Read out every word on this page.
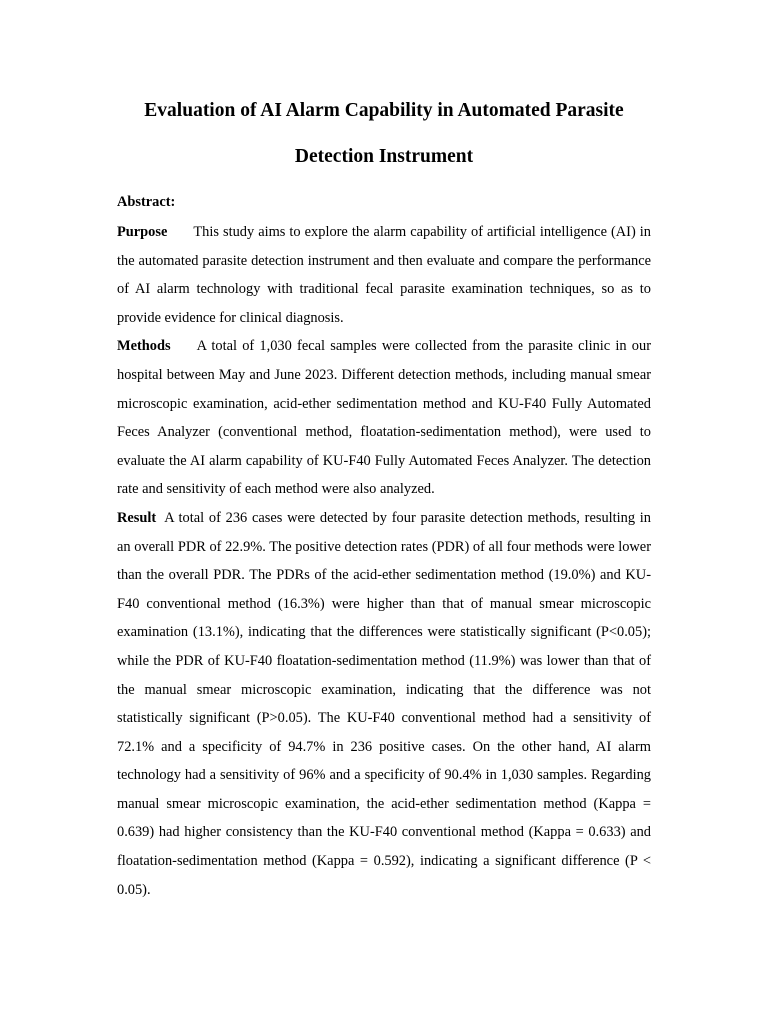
Evaluation of AI Alarm Capability in Automated Parasite
Detection Instrument

Abstract:

Purpose This study aims to explore the alarm capability of artificial intelligence (AI) in the automated parasite detection instrument and then evaluate and compare the performance of AI alarm technology with traditional fecal parasite examination techniques, so as to provide evidence for clinical diagnosis.

Methods A total of 1,030 fecal samples were collected from the parasite clinic in our hospital between May and June 2023. Different detection methods, including manual smear microscopic examination, acid-ether sedimentation method and KU-F40 Fully Automated Feces Analyzer (conventional method, floatation-sedimentation method), were used to evaluate the AI alarm capability of KU-F40 Fully Automated Feces Analyzer. The detection rate and sensitivity of each method were also analyzed.

Result A total of 236 cases were detected by four parasite detection methods, resulting in an overall PDR of 22.9%. The positive detection rates (PDR) of all four methods were lower than the overall PDR. The PDRs of the acid-ether sedimentation method (19.0%) and KU-F40 conventional method (16.3%) were higher than that of manual smear microscopic examination (13.1%), indicating that the differences were statistically significant (P<0.05); while the PDR of KU-F40 floatation-sedimentation method (11.9%) was lower than that of the manual smear microscopic examination, indicating that the difference was not statistically significant (P>0.05). The KU-F40 conventional method had a sensitivity of 72.1% and a specificity of 94.7% in 236 positive cases. On the other hand, AI alarm technology had a sensitivity of 96% and a specificity of 90.4% in 1,030 samples. Regarding manual smear microscopic examination, the acid-ether sedimentation method (Kappa = 0.639) had higher consistency than the KU-F40 conventional method (Kappa = 0.633) and floatation-sedimentation method (Kappa = 0.592), indicating a significant difference (P < 0.05).
